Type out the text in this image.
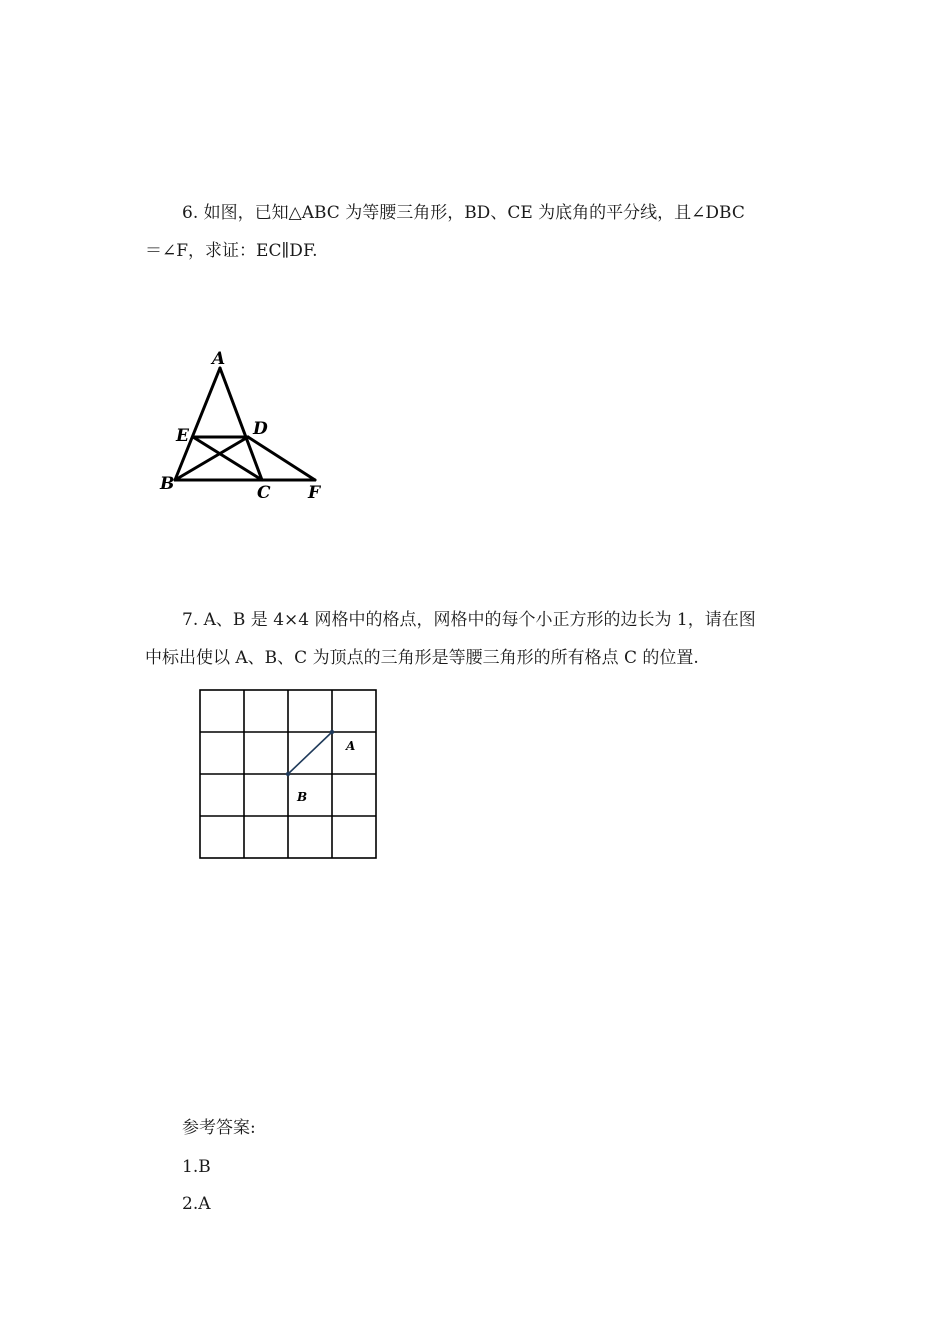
6. 如图，已知△ABC 为等腰三角形，BD、CE 为底角的平分线，且∠DBC
＝∠F，求证：EC∥DF.
A
E	D
B	C F
7. A、B 是 4×4 网格中的格点，网格中的每个小正方形的边长为 1，请在图
中标出使以 A、B、C 为顶点的三角形是等腰三角形的所有格点 C 的位置.
A
B
参考答案:
1.B
2.A
